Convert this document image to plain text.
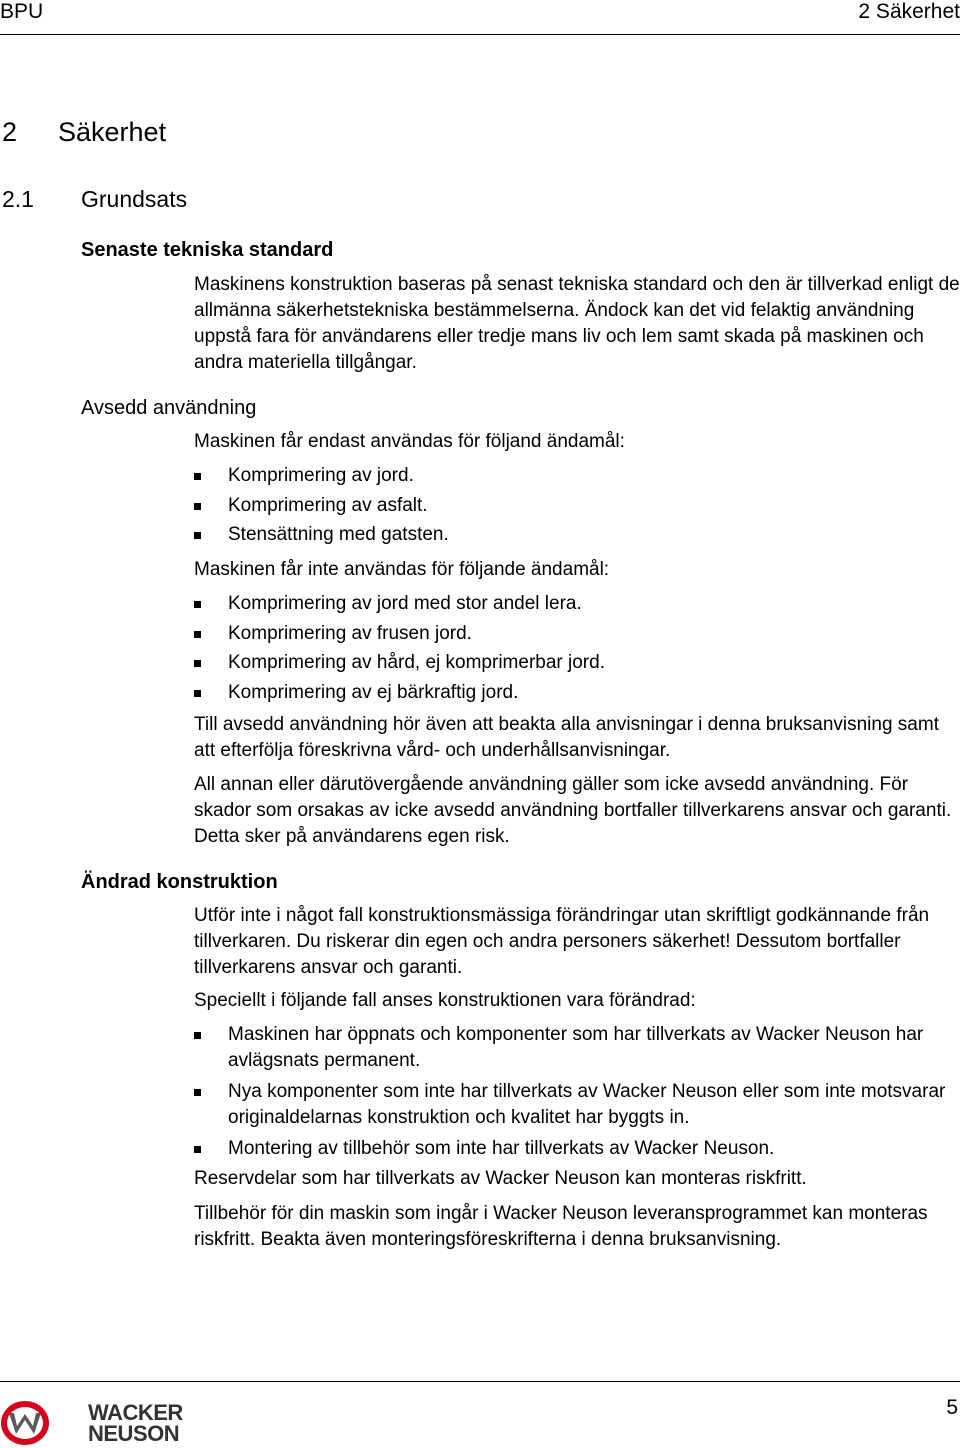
BPU	2 Säkerhet
2	Säkerhet
2.1	Grundsats
Senaste tekniska standard

Maskinens konstruktion baseras på senast tekniska standard och den är tillverkad enligt de allmänna säkerhetstekniska bestämmelserna. Ändock kan det vid felaktig användning uppstå fara för användarens eller tredje mans liv och lem samt skada på maskinen och andra materiella tillgångar.

Avsedd användning

Maskinen får endast användas för följand ändamål:

Komprimering av jord.
Komprimering av asfalt.
Stensättning med gatsten.

Maskinen får inte användas för följande ändamål:

Komprimering av jord med stor andel lera.
Komprimering av frusen jord.
Komprimering av hård, ej komprimerbar jord.
Komprimering av ej bärkraftig jord.

Till avsedd användning hör även att beakta alla anvisningar i denna bruksanvisning samt att efterfölja föreskrivna vård- och underhållsanvisningar.

All annan eller därutövergående användning gäller som icke avsedd användning. För skador som orsakas av icke avsedd användning bortfaller tillverkarens ansvar och garanti. Detta sker på användarens egen risk.

Ändrad konstruktion

Utför inte i något fall konstruktionsmässiga förändringar utan skriftligt godkännande från tillverkaren. Du riskerar din egen och andra personers säkerhet! Dessutom bortfaller tillverkarens ansvar och garanti.

Speciellt i följande fall anses konstruktionen vara förändrad:

Maskinen har öppnats och komponenter som har tillverkats av Wacker Neuson har avlägsnats permanent.
Nya komponenter som inte har tillverkats av Wacker Neuson eller som inte motsvarar originaldelarnas konstruktion och kvalitet har byggts in.
Montering av tillbehör som inte har tillverkats av Wacker Neuson.

Reservdelar som har tillverkats av Wacker Neuson kan monteras riskfritt.

Tillbehör för din maskin som ingår i Wacker Neuson leveransprogrammet kan monteras riskfritt. Beakta även monteringsföreskrifterna i denna bruksanvisning.

WACKER
NEUSON
5
